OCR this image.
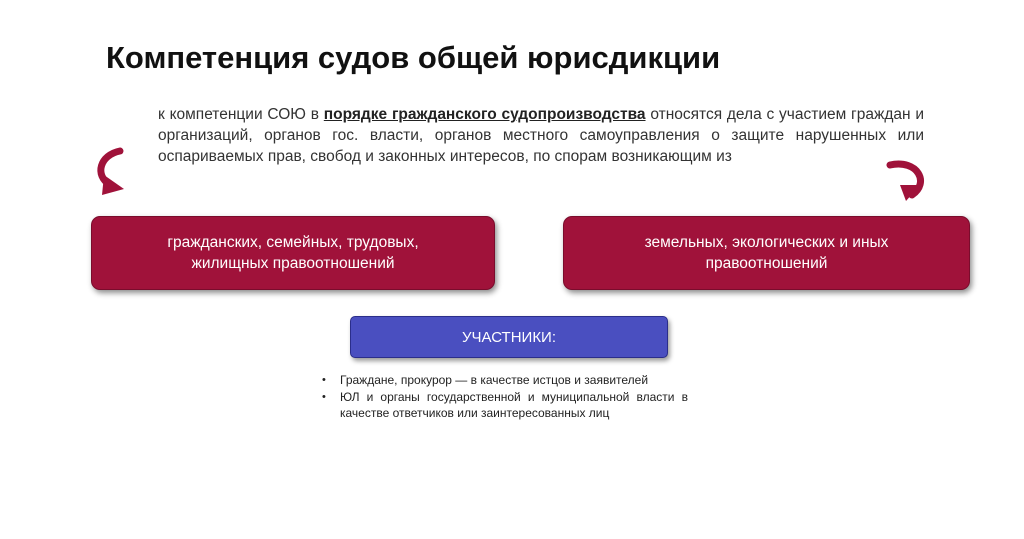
Компетенция судов общей юрисдикции
к компетенции СОЮ в порядке гражданского судопроизводства относятся дела с участием граждан и организаций, органов гос. власти, органов местного самоуправления о защите нарушенных или оспариваемых прав, свобод и законных интересов, по спорам возникающим из
гражданских, семейных, трудовых,
жилищных правоотношений
земельных, экологических и иных
правоотношений
УЧАСТНИКИ:
• Граждане, прокурор — в качестве истцов и заявителей
• ЮЛ и органы государственной и муниципальной власти в качестве ответчиков или заинтересованных лиц
